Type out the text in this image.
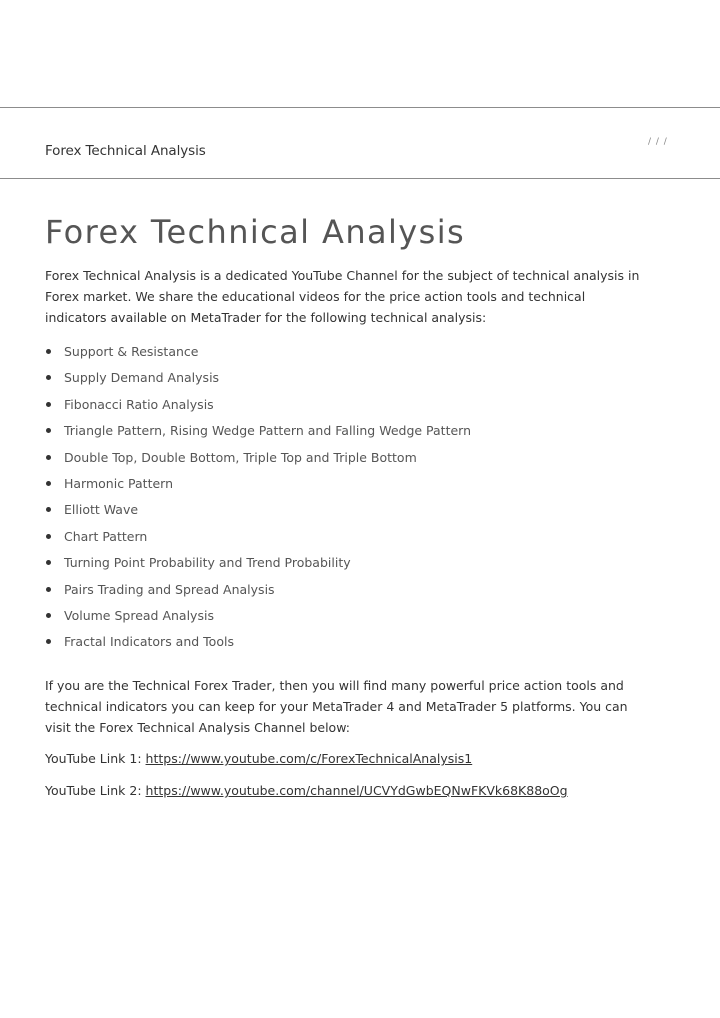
Forex Technical Analysis
/ / /
Forex Technical Analysis

Forex Technical Analysis is a dedicated YouTube Channel for the subject of technical analysis in Forex market. We share the educational videos for the price action tools and technical indicators available on MetaTrader for the following technical analysis:

Support & Resistance
Supply Demand Analysis
Fibonacci Ratio Analysis
Triangle Pattern, Rising Wedge Pattern and Falling Wedge Pattern
Double Top, Double Bottom, Triple Top and Triple Bottom
Harmonic Pattern
Elliott Wave
Chart Pattern
Turning Point Probability and Trend Probability
Pairs Trading and Spread Analysis
Volume Spread Analysis
Fractal Indicators and Tools

If you are the Technical Forex Trader, then you will find many powerful price action tools and technical indicators you can keep for your MetaTrader 4 and MetaTrader 5 platforms. You can visit the Forex Technical Analysis Channel below:

YouTube Link 1: https://www.youtube.com/c/ForexTechnicalAnalysis1

YouTube Link 2: https://www.youtube.com/channel/UCVYdGwbEQNwFKVk68K88oOg
